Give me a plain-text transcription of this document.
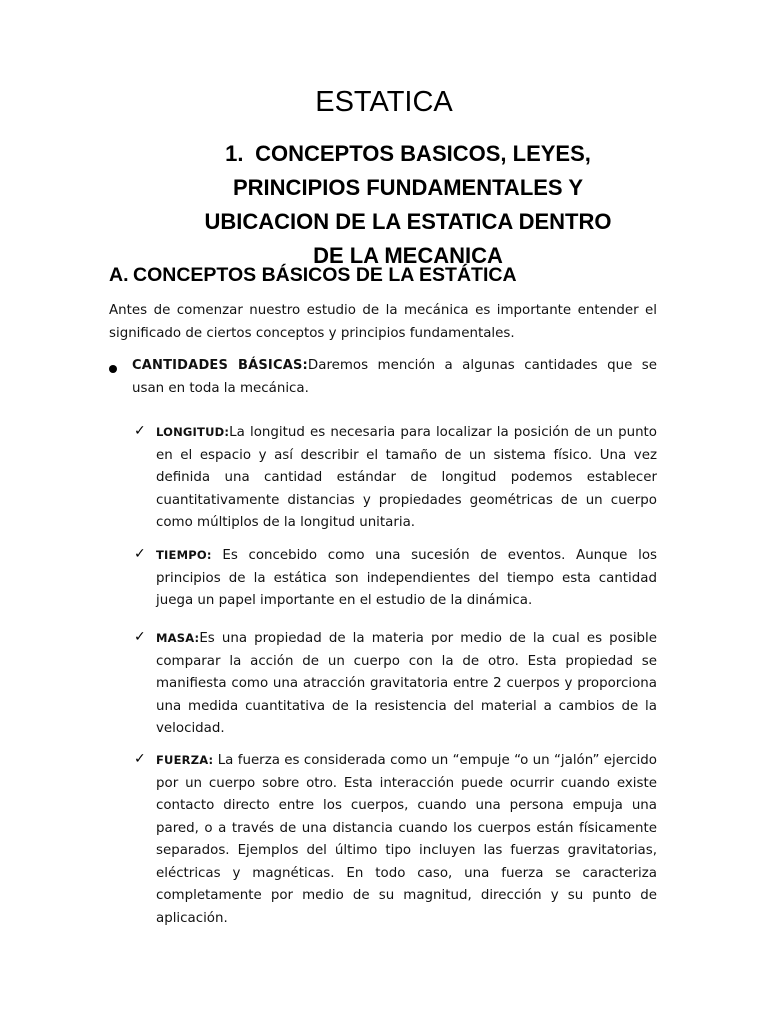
ESTATICA
1. CONCEPTOS BASICOS, LEYES,
PRINCIPIOS FUNDAMENTALES Y
UBICACION DE LA ESTATICA DENTRO
DE LA MECANICA
A. CONCEPTOS BÁSICOS DE LA ESTÁTICA

Antes de comenzar nuestro estudio de la mecánica es importante entender el significado de ciertos conceptos y principios fundamentales.

CANTIDADES BÁSICAS:Daremos mención a algunas cantidades que se usan en toda la mecánica.

✓ LONGITUD:La longitud es necesaria para localizar la posición de un punto en el espacio y así describir el tamaño de un sistema físico. Una vez definida una cantidad estándar de longitud podemos establecer cuantitativamente distancias y propiedades geométricas de un cuerpo como múltiplos de la longitud unitaria.

✓ TIEMPO: Es concebido como una sucesión de eventos. Aunque los principios de la estática son independientes del tiempo esta cantidad juega un papel importante en el estudio de la dinámica.

✓ MASA:Es una propiedad de la materia por medio de la cual es posible comparar la acción de un cuerpo con la de otro. Esta propiedad se manifiesta como una atracción gravitatoria entre 2 cuerpos y proporciona una medida cuantitativa de la resistencia del material a cambios de la velocidad.

✓ FUERZA: La fuerza es considerada como un “empuje “o un “jalón” ejercido por un cuerpo sobre otro. Esta interacción puede ocurrir cuando existe contacto directo entre los cuerpos, cuando una persona empuja una pared, o a través de una distancia cuando los cuerpos están físicamente separados. Ejemplos del último tipo incluyen las fuerzas gravitatorias, eléctricas y magnéticas. En todo caso, una fuerza se caracteriza completamente por medio de su magnitud, dirección y su punto de aplicación.
